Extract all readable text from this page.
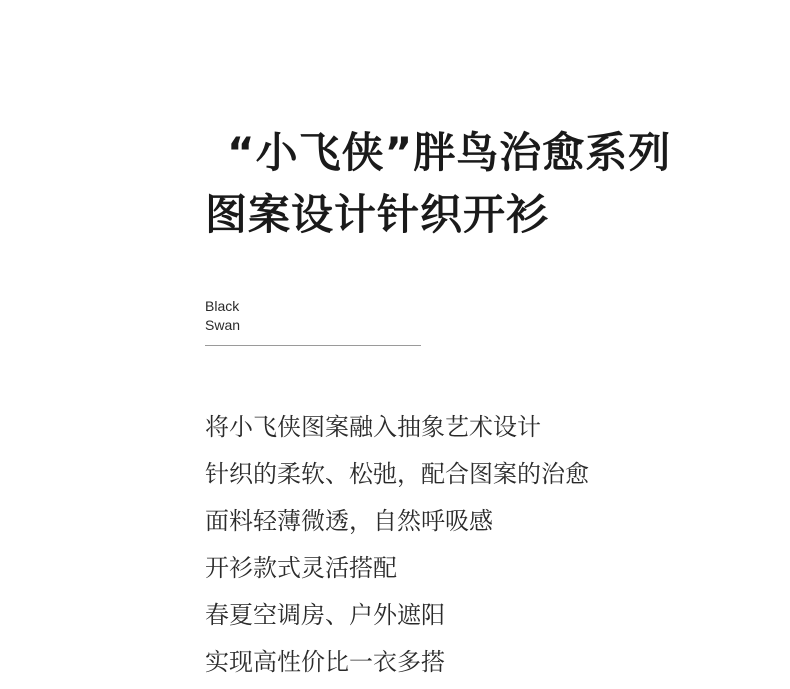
“小飞侠”胖鸟治愈系列
图案设计针织开衫
Black
Swan
将小飞侠图案融入抽象艺术设计
针织的柔软、松弛，配合图案的治愈
面料轻薄微透，自然呼吸感
开衫款式灵活搭配
春夏空调房、户外遮阳
实现高性价比一衣多搭
